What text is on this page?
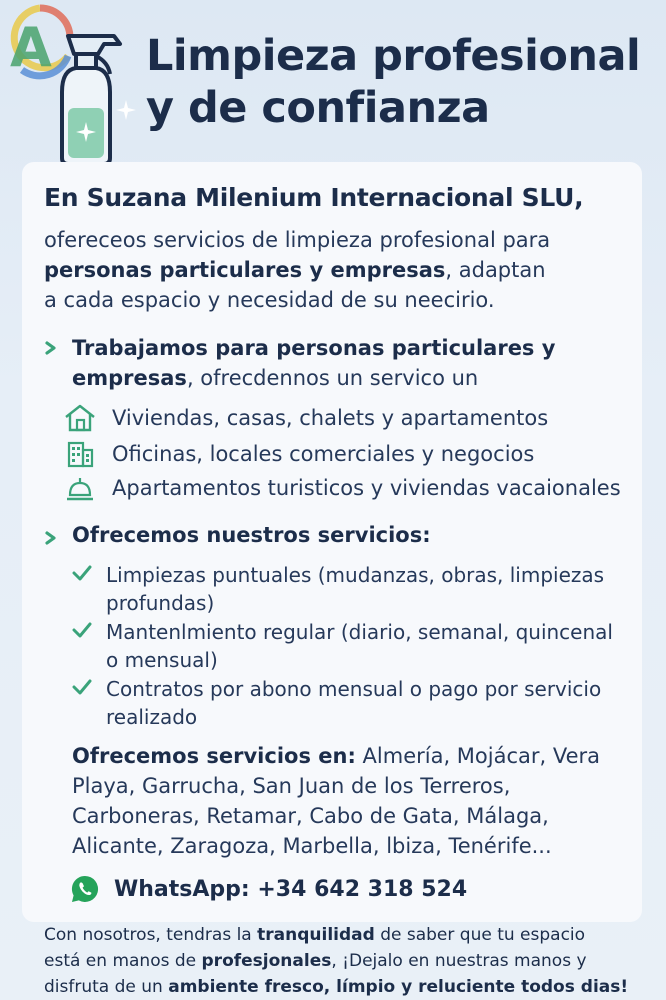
A Limpieza profesional
y de confianza
En Suzana Milenium Internacional SLU,
ofereceos servicios de limpieza profesional para
personas particulares y empresas, adaptan
a cada espacio y necesidad de su neecirio.
Trabajamos para personas particulares y
empresas, ofrecdennos un servico un
Viviendas, casas, chalets y apartamentos
Oficinas, locales comerciales y negocios
Apartamentos turisticos y viviendas vacaionales
Ofrecemos nuestros servicios:
Limpiezas puntuales (mudanzas, obras, limpiezas
profundas)
Mantenlmiento regular (diario, semanal, quincenal
o mensual)
Contratos por abono mensual o pago por servicio
realizado
Ofrecemos servicios en: Almería, Mojácar, Vera
Playa, Garrucha, San Juan de los Terreros,
Carboneras, Retamar, Cabo de Gata, Málaga,
Alicante, Zaragoza, Marbella, lbiza, Tenérife...
WhatsApp: +34 642 318 524
Con nosotros, tendras la tranquilidad de saber que tu espacio
está en manos de profesjonales, ¡Dejalo en nuestras manos y
disfruta de un ambiente fresco, límpio y reluciente todos dias!
